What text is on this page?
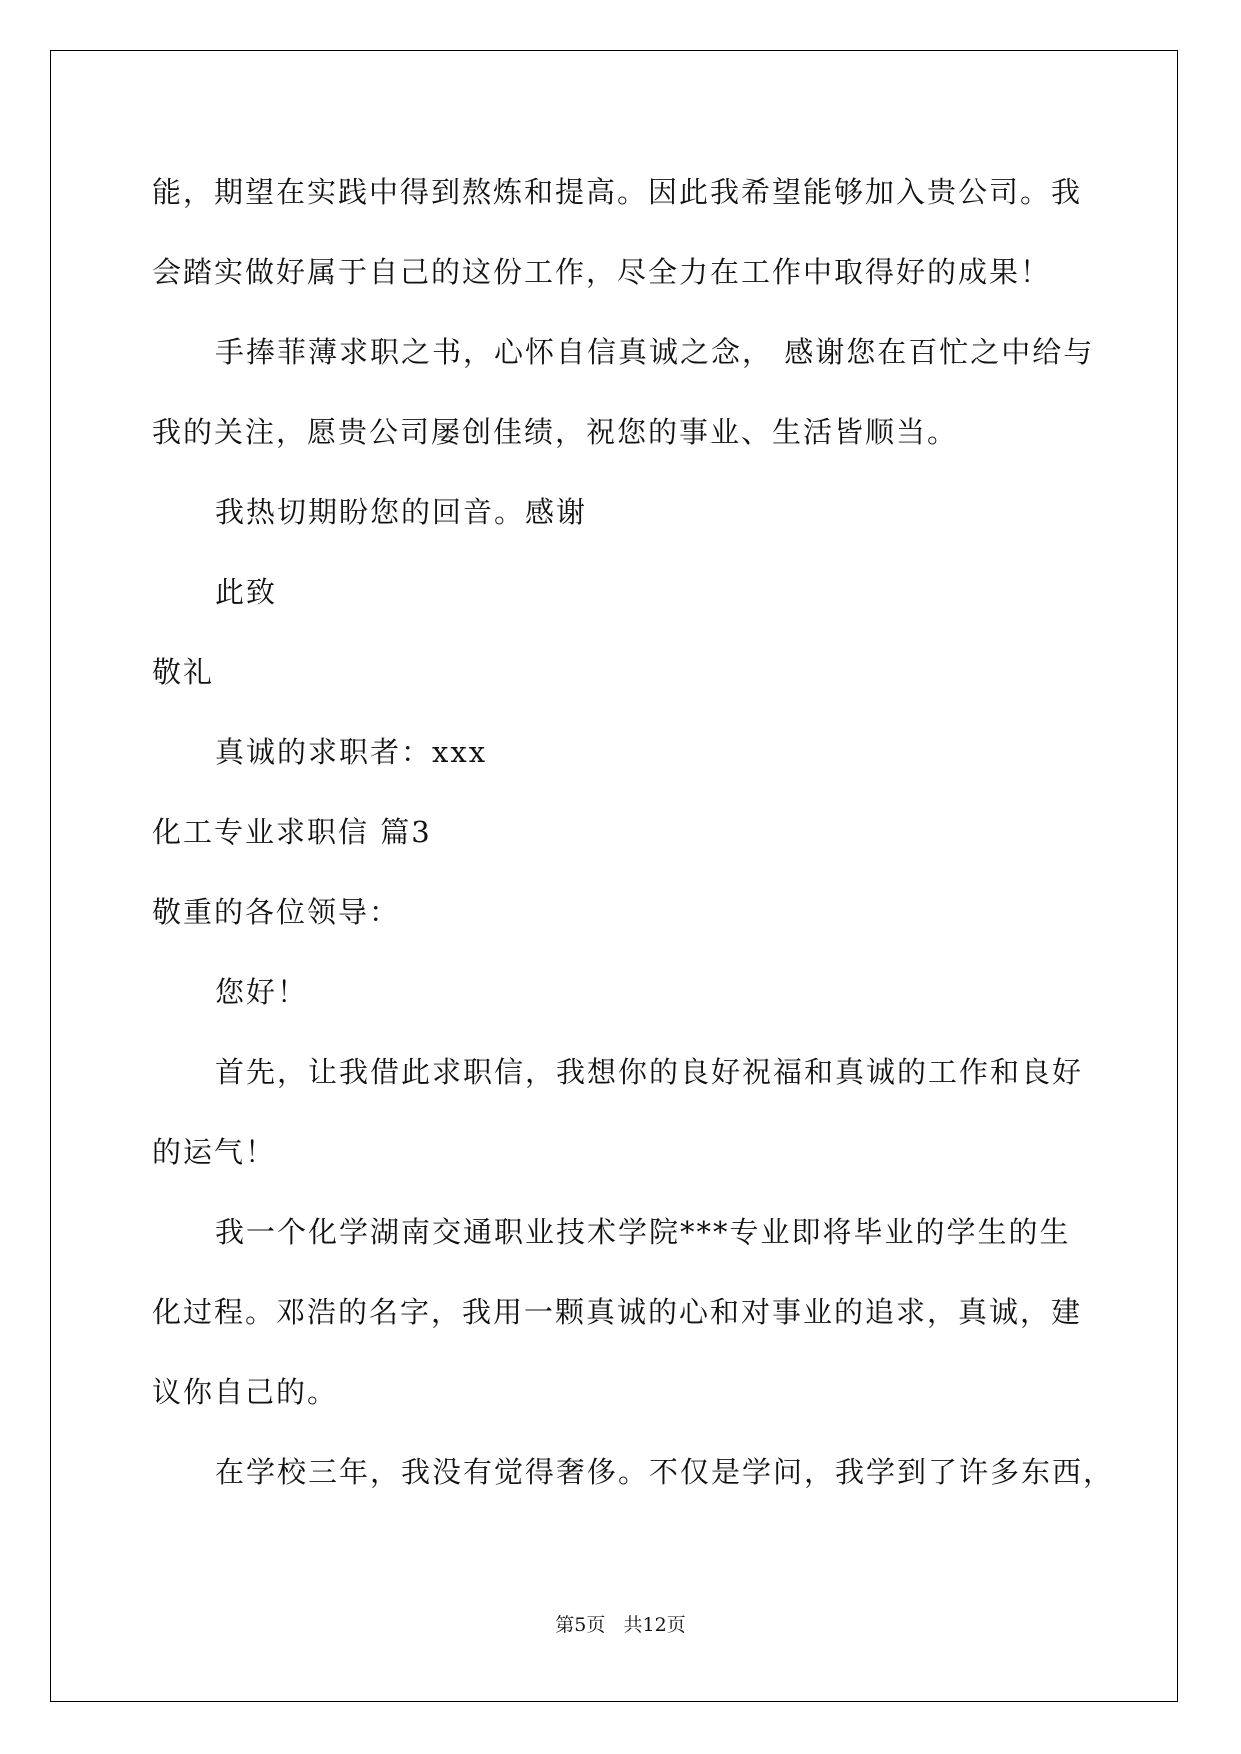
能，期望在实践中得到熬炼和提高。因此我希望能够加入贵公司。我
会踏实做好属于自己的这份工作，尽全力在工作中取得好的成果！
手捧菲薄求职之书，心怀自信真诚之念， 感谢您在百忙之中给与
我的关注，愿贵公司屡创佳绩，祝您的事业、生活皆顺当。
我热切期盼您的回音。感谢
此致
敬礼
真诚的求职者：xxx
化工专业求职信 篇3
敬重的各位领导：
您好！
首先，让我借此求职信，我想你的良好祝福和真诚的工作和良好
的运气！
我一个化学湖南交通职业技术学院***专业即将毕业的学生的生
化过程。邓浩的名字，我用一颗真诚的心和对事业的追求，真诚，建
议你自己的。
在学校三年，我没有觉得奢侈。不仅是学问，我学到了许多东西，
第5页 共12页
